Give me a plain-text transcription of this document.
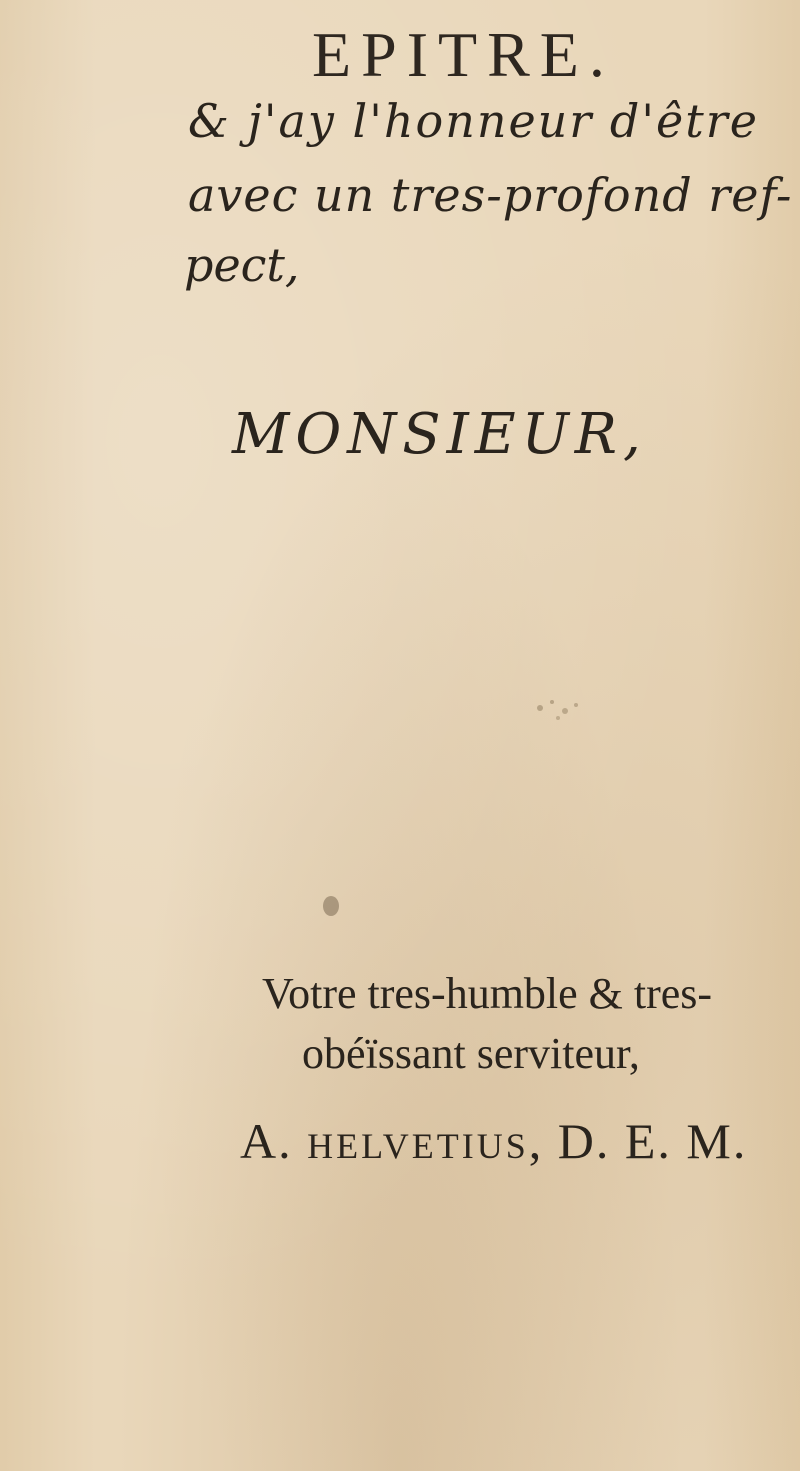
EPITRE.
& j'ay l'honneur d'être
avec un tres-profond ref-
pect,
MONSIEUR,
Votre tres-humble & tres-
obéïssant serviteur,
A. HELVETIUS, D. E. M.
